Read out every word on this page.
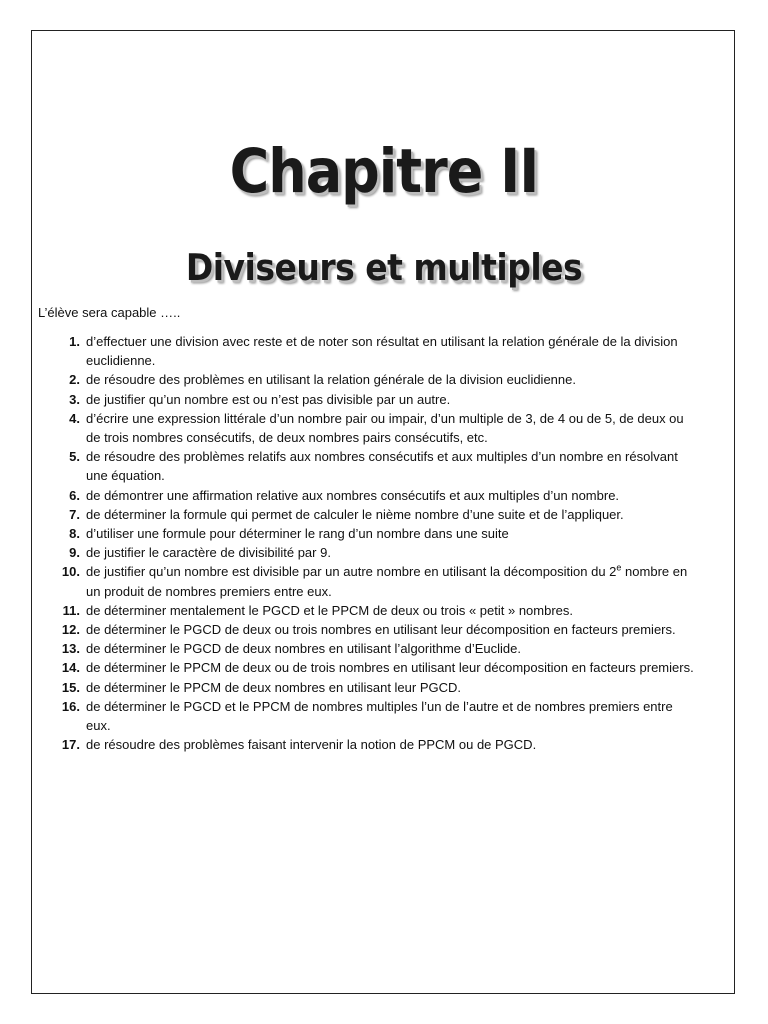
Chapitre II
Diviseurs et multiples

L’élève sera capable …..

1. d’effectuer une division avec reste et de noter son résultat en utilisant la relation générale de la division euclidienne.
2. de résoudre des problèmes en utilisant la relation générale de la division euclidienne.
3. de justifier qu’un nombre est ou n’est pas divisible par un autre.
4. d’écrire une expression littérale d’un nombre pair ou impair, d’un multiple de 3, de 4 ou de 5, de deux ou de trois nombres consécutifs, de deux nombres pairs consécutifs, etc.
5. de résoudre des problèmes relatifs aux nombres consécutifs et aux multiples d’un nombre en résolvant une équation.
6. de démontrer une affirmation relative aux nombres consécutifs et aux multiples d’un nombre.
7. de déterminer la formule qui permet de calculer le nième nombre d’une suite et de l’appliquer.
8. d’utiliser une formule pour déterminer le rang d’un nombre dans une suite
9. de justifier le caractère de divisibilité par 9.
10. de justifier qu’un nombre est divisible par un autre nombre en utilisant la décomposition du 2e nombre en un produit de nombres premiers entre eux.
11. de déterminer mentalement le PGCD et le PPCM de deux ou trois « petit » nombres.
12. de déterminer le PGCD de deux ou trois nombres en utilisant leur décomposition en facteurs premiers.
13. de déterminer le PGCD de deux nombres en utilisant l’algorithme d’Euclide.
14. de déterminer le PPCM de deux ou de trois nombres en utilisant leur décomposition en facteurs premiers.
15. de déterminer le PPCM de deux nombres en utilisant leur PGCD.
16. de déterminer le PGCD et le PPCM de nombres multiples l’un de l’autre et de nombres premiers entre eux.
17. de résoudre des problèmes faisant intervenir la notion de PPCM ou de PGCD.
